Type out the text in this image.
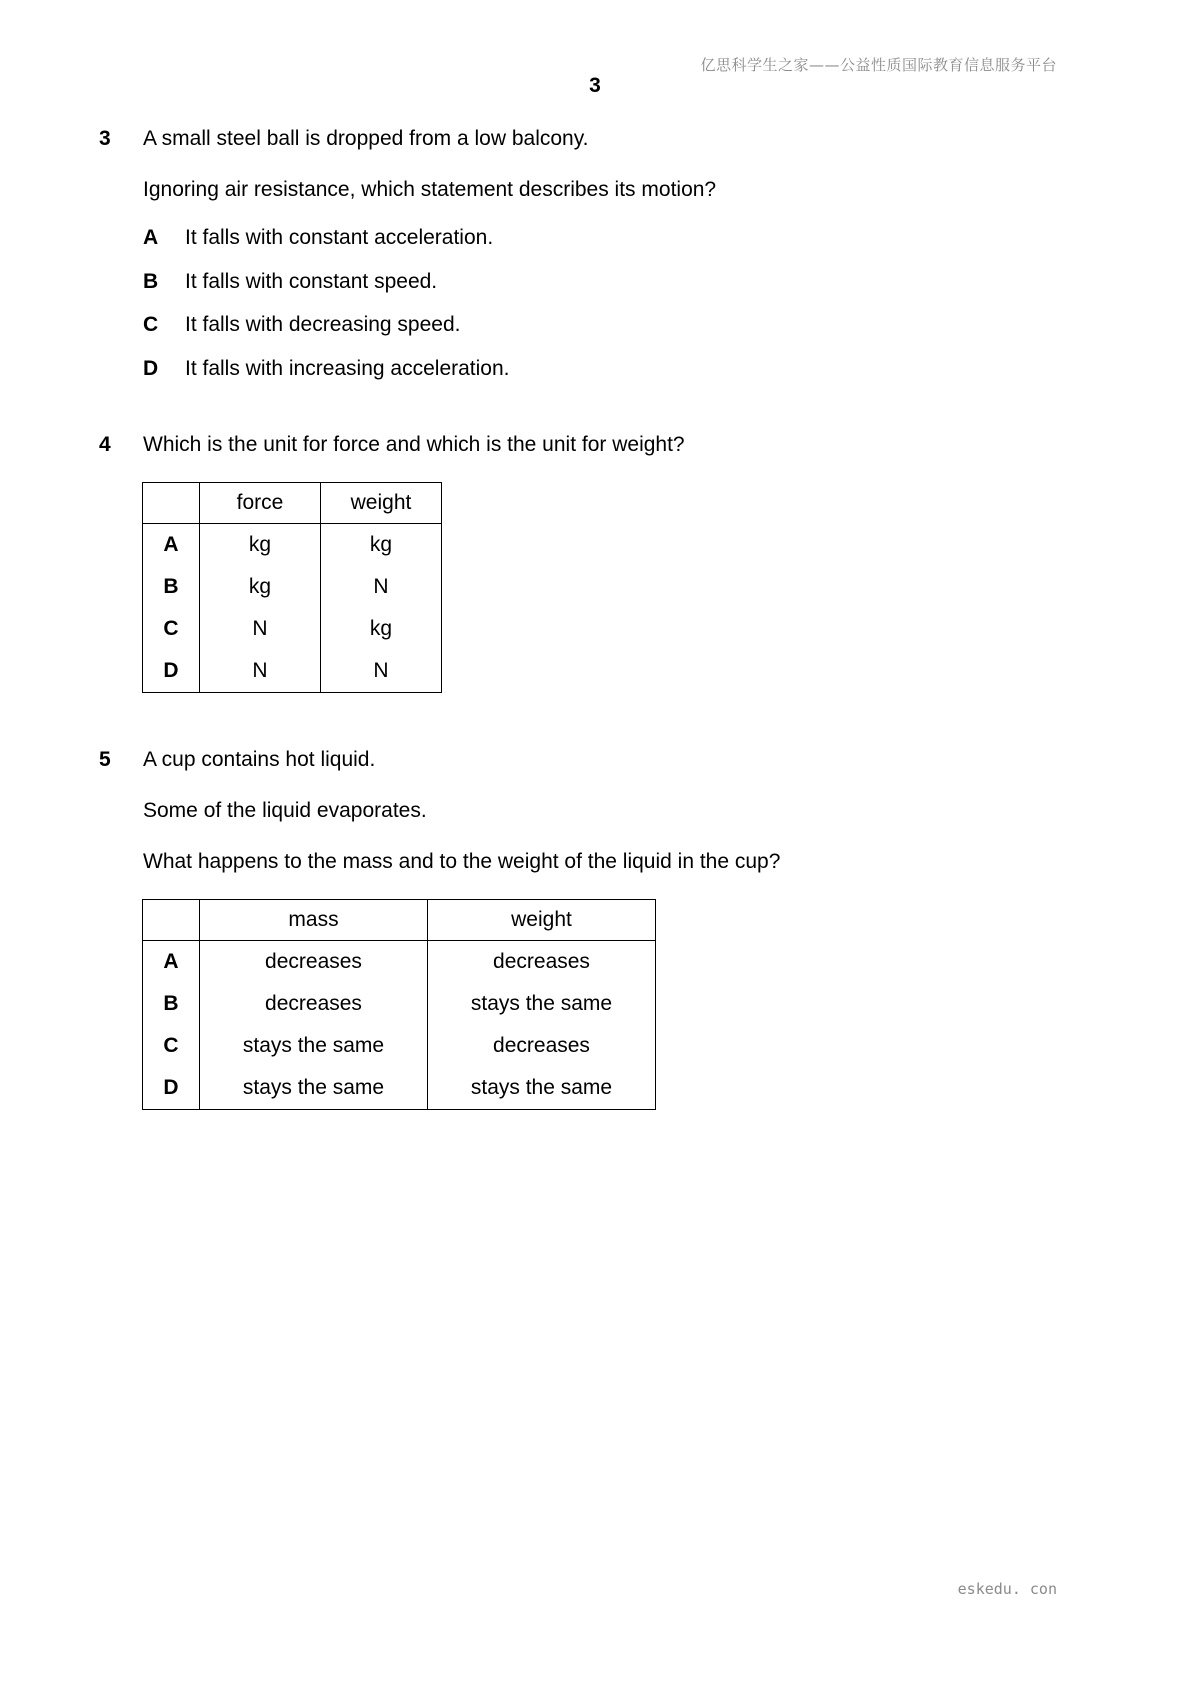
亿思科学生之家——公益性质国际教育信息服务平台
3
3 A small steel ball is dropped from a low balcony.
Ignoring air resistance, which statement describes its motion?
A It falls with constant acceleration.
B It falls with constant speed.
C It falls with decreasing speed.
D It falls with increasing acceleration.
4 Which is the unit for force and which is the unit for weight?
	force	weight
A	kg	kg
B	kg	N
C	N	kg
D	N	N
5 A cup contains hot liquid.
Some of the liquid evaporates.
What happens to the mass and to the weight of the liquid in the cup?
	mass	weight
A	decreases	decreases
B	decreases	stays the same
C	stays the same	decreases
D	stays the same	stays the same
eskedu. con
